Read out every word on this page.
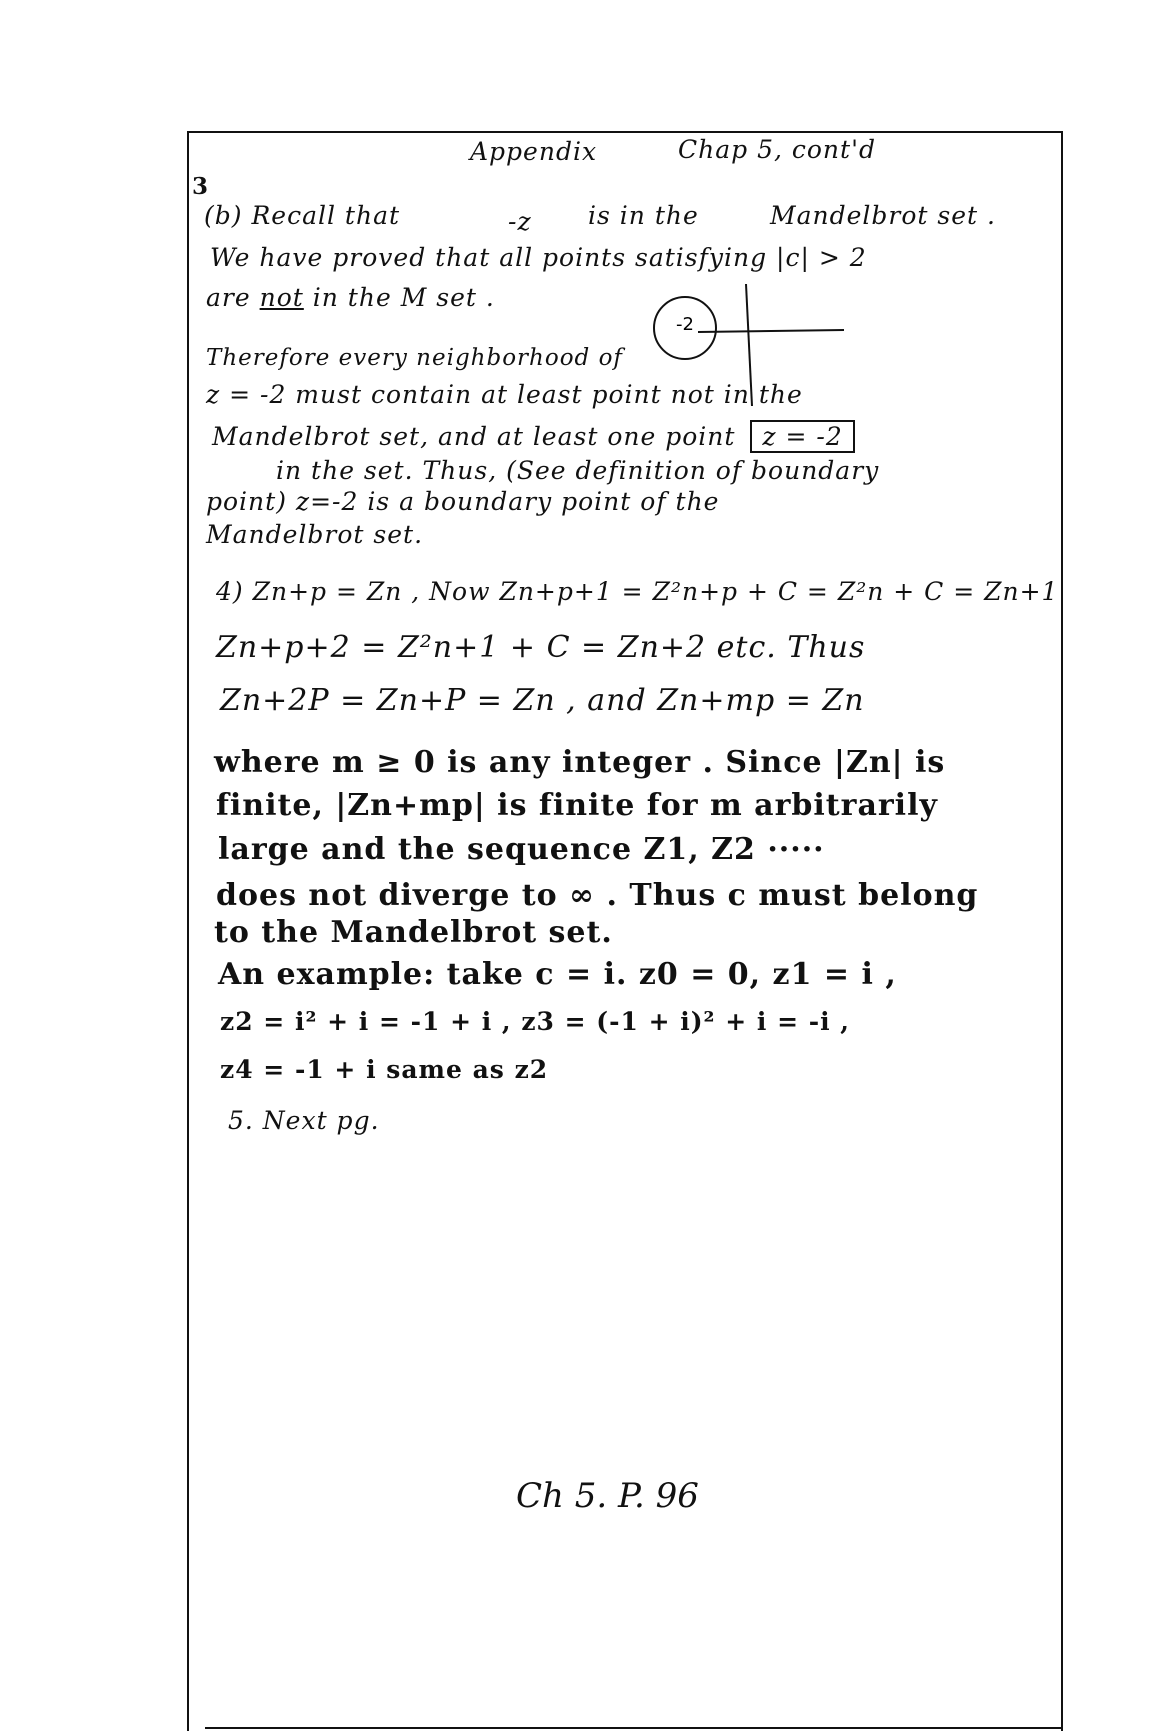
Appendix	Chap 5, cont'd
3
(b) Recall that	-z is in the	Mandelbrot set .
We have proved that all points satisfying |c| > 2
are not in the M set .
-2
Therefore every neighborhood of
z = -2 must contain at least point not in the
Mandelbrot set, and at least one point z = -2
in the set. Thus, (See definition of boundary
point) z=-2 is a boundary point of the
Mandelbrot set.
4) Zn+p = Zn , Now Zn+p+1 = Z²n+p + C = Z²n + C = Zn+1
Zn+p+2 = Z²n+1 + C = Zn+2 etc. Thus
Zn+2P = Zn+P = Zn , and Zn+mp = Zn
where m ≥ 0 is any integer . Since |Zn| is
finite, |Zn+mp| is finite for m arbitrarily
large and the sequence Z1, Z2 ·····
does not diverge to ∞ . Thus c must belong
to the Mandelbrot set.
An example: take c = i. z0 = 0, z1 = i ,
z2 = i² + i = -1 + i , z3 = (-1 + i)² + i = -i ,
z4 = -1 + i same as z2
5. Next pg.
Ch 5. P. 96
